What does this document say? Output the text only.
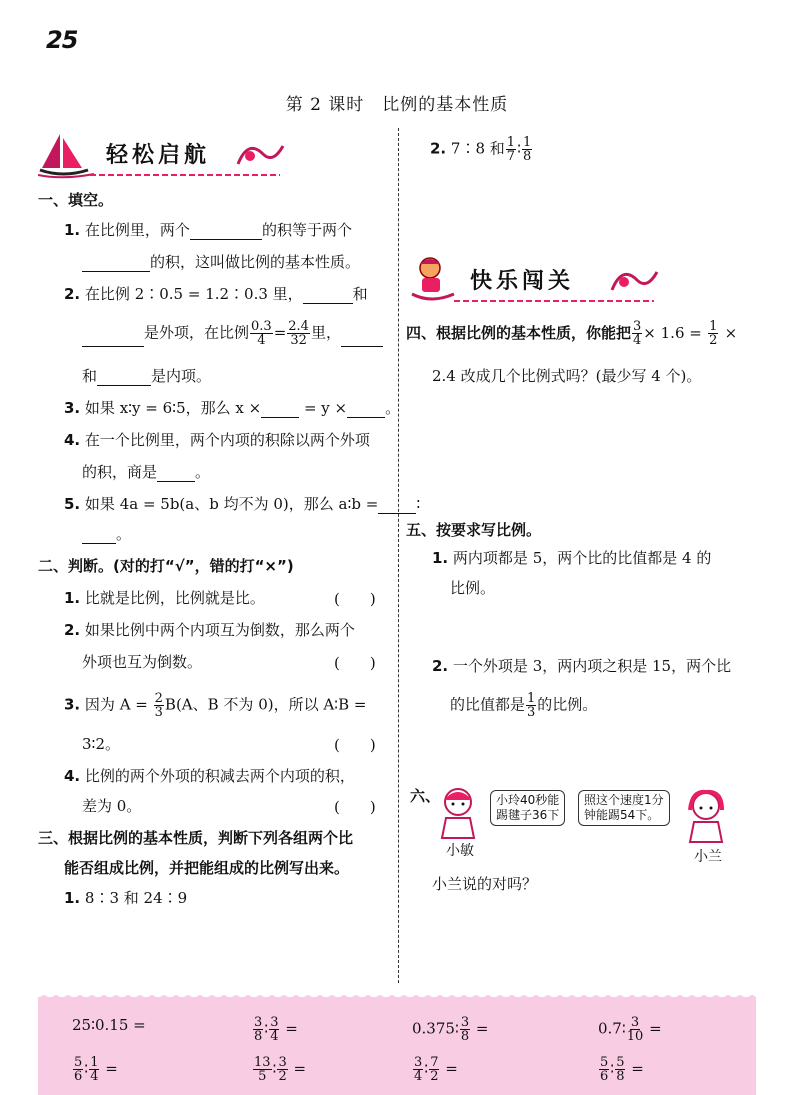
25
第 2 课时　比例的基本性质
轻松启航
一、填空。
1. 在比例里，两个	的积等于两个
的积，这叫做比例的基本性质。
2. 在比例 2∶0.5 = 1.2∶0.3 里，	和
是外项，在比例 $\frac{0.3}{4} = \frac{2.4}{32}$ 里，
和	是内项。
3. 如果 x∶y = 6∶5，那么 x ×	= y ×	。
4. 在一个比例里，两个内项的积除以两个外项
的积，商是	。
5. 如果 4a = 5b(a、b 均不为 0)，那么 a∶b =	∶
。
二、判断。(对的打“√”，错的打“×”)
1. 比就是比例，比例就是比。	(　　)
2. 如果比例中两个内项互为倒数，那么两个
外项也互为倒数。	(　　)
3. 因为 $A = \frac{2}{3} B(A$、B 不为 0)，所以 A∶B =
3∶2。	(　　)
4. 比例的两个外项的积减去两个内项的积，
差为 0。	(　　)
三、根据比例的基本性质，判断下列各组两个比
能否组成比例，并把能组成的比例写出来。
1. 8∶3 和 24∶9
2. 7∶8 和 $\frac{1}{7}$ ∶ $\frac{1}{8}$
快乐闯关
四、根据比例的基本性质，你能把 $\frac{3}{4} \times 1.6 = \frac{1}{2}$ ×
2.4 改成几个比例式吗？(最少写 4 个)。
五、按要求写比例。
1. 两内项都是 5，两个比的比值都是 4 的
比例。
2. 一个外项是 3，两内项之积是 15，两个比
的比值都是 $\frac{1}{3}$ 的比例。
六、	小玲40秒能
踢毽子36下
照这个速度1分
钟能踢54下。
小敏	小兰
小兰说的对吗？
25∶0.15 =	$\frac{3}{8}$ ∶ $\frac{3}{4}$ =	0.375∶ $\frac{3}{8}$ =	0.7∶ $\frac{3}{10}$ =
$\frac{5}{6}$ ∶ $\frac{1}{4}$ =	$\frac{13}{5}$ ∶ $\frac{3}{2}$ =	$\frac{3}{4}$ ∶ $\frac{7}{2}$ =	$\frac{5}{6}$ ∶ $\frac{5}{8}$ =
